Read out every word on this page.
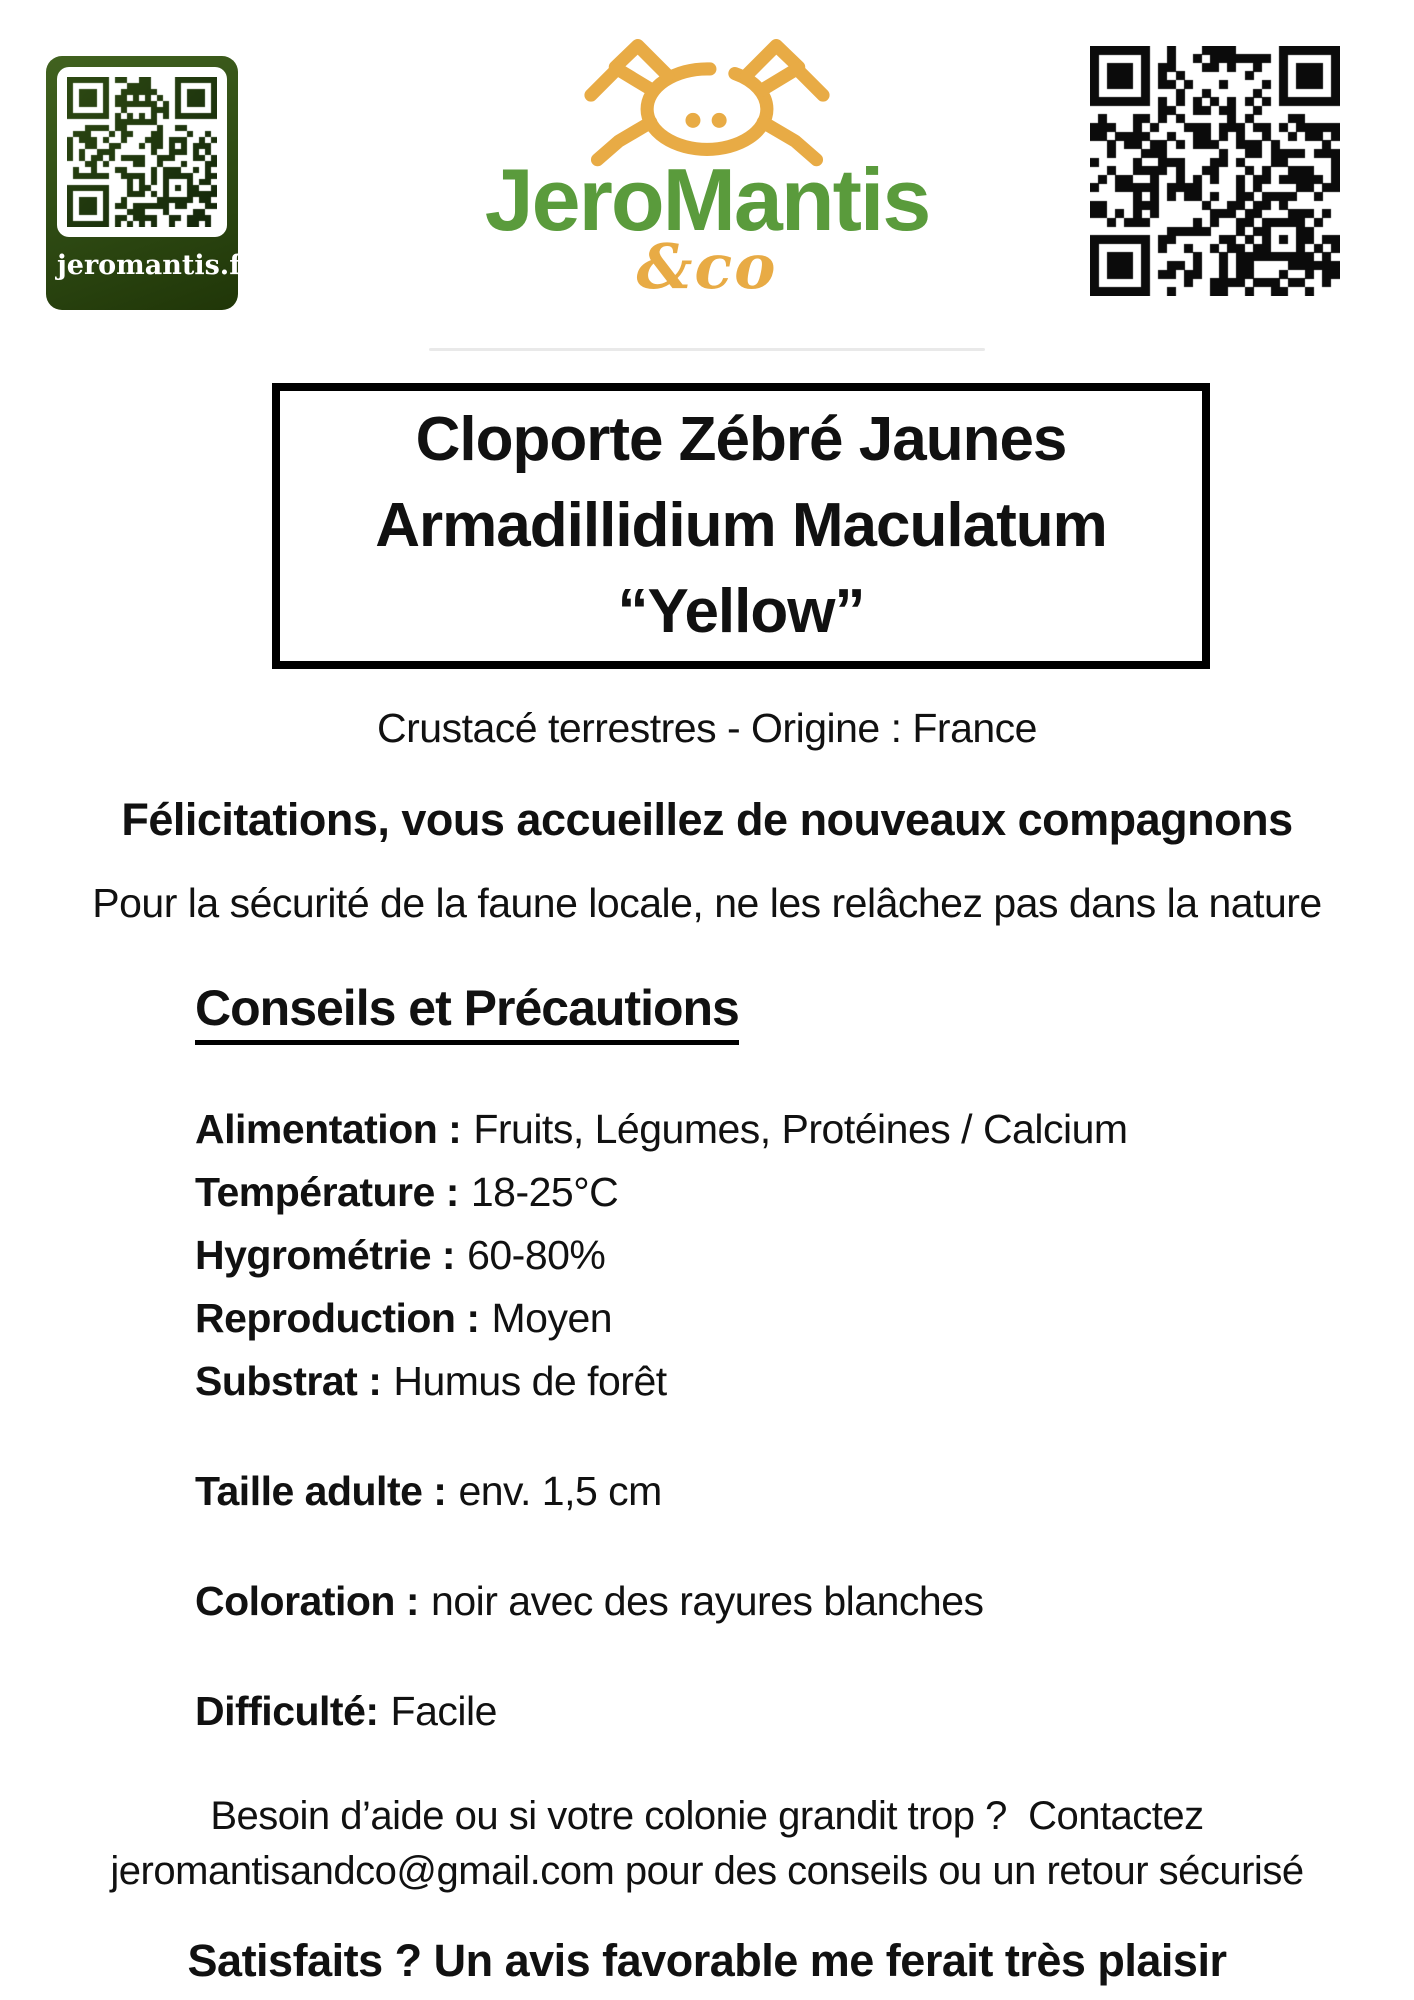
jeromantis.fr
JeroMantis
&co
Cloporte Zébré Jaunes
Armadillidium Maculatum
“Yellow”
Crustacé terrestres - Origine : France
Félicitations, vous accueillez de nouveaux compagnons
Pour la sécurité de la faune locale, ne les relâchez pas dans la nature
Conseils et Précautions
Alimentation : Fruits, Légumes, Protéines / Calcium
Température : 18-25°C
Hygrométrie : 60-80%
Reproduction : Moyen
Substrat : Humus de forêt
Taille adulte : env. 1,5 cm
Coloration : noir avec des rayures blanches
Difficulté: Facile
Besoin d’aide ou si votre colonie grandit trop ?  Contactez
jeromantisandco@gmail.com pour des conseils ou un retour sécurisé
Satisfaits ? Un avis favorable me ferait très plaisir
